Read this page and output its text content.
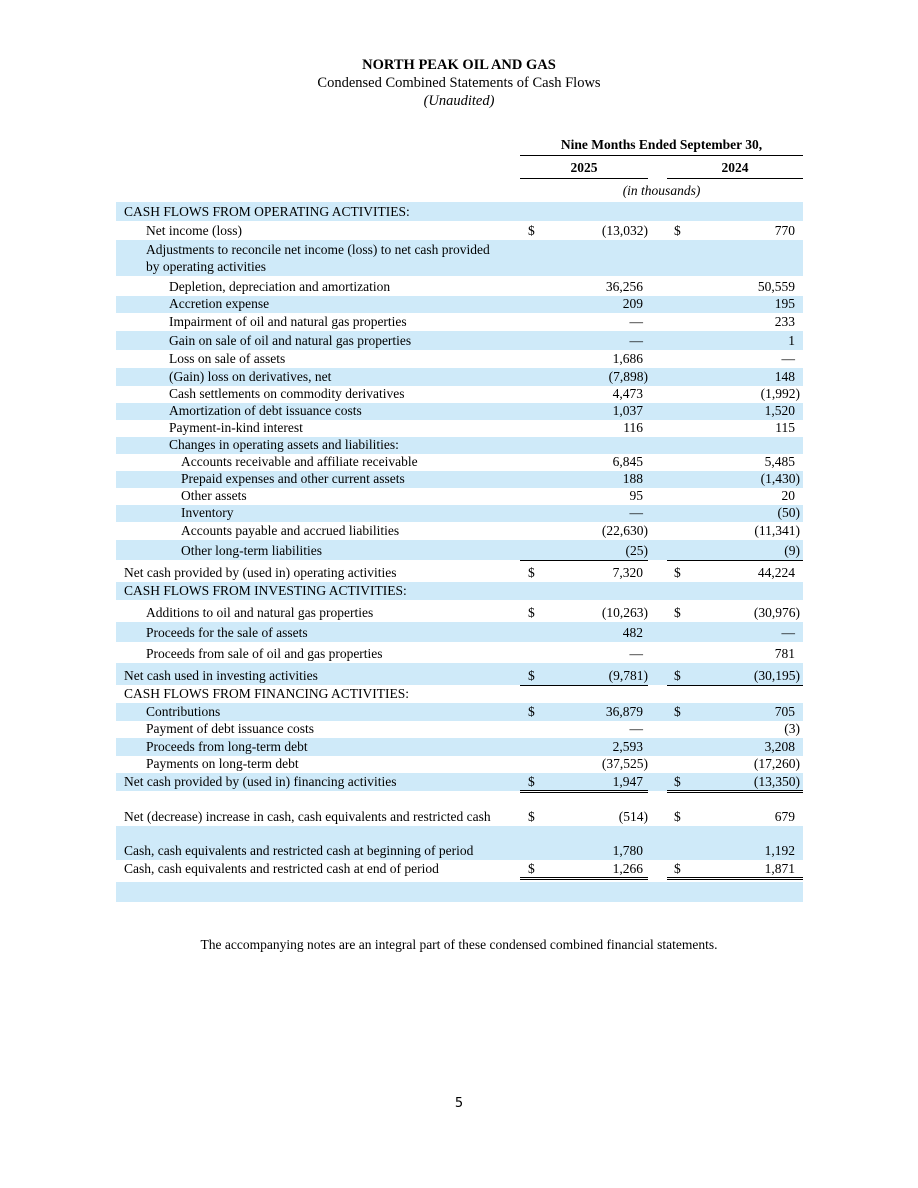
NORTH PEAK OIL AND GAS
Condensed Combined Statements of Cash Flows
(Unaudited)
Nine Months Ended September 30,
2025	2024
(in thousands)
CASH FLOWS FROM OPERATING ACTIVITIES:
Net income (loss)	$	(13,032) $	770
Adjustments to reconcile net income (loss) to net cash provided by operating activities
Depletion, depreciation and amortization	36,256	50,559
Accretion expense	209	195
Impairment of oil and natural gas properties	—	233
Gain on sale of oil and natural gas properties	—	1
Loss on sale of assets	1,686	—
(Gain) loss on derivatives, net	(7,898)	148
Cash settlements on commodity derivatives	4,473	(1,992)
Amortization of debt issuance costs	1,037	1,520
Payment-in-kind interest	116	115
Changes in operating assets and liabilities:
Accounts receivable and affiliate receivable	6,845	5,485
Prepaid expenses and other current assets	188	(1,430)
Other assets	95	20
Inventory	—	(50)
Accounts payable and accrued liabilities	(22,630)	(11,341)
Other long-term liabilities	(25)	(9)
Net cash provided by (used in) operating activities	$	7,320	$	44,224
CASH FLOWS FROM INVESTING ACTIVITIES:
Additions to oil and natural gas properties	$	(10,263) $	(30,976)
Proceeds for the sale of assets	482	—
Proceeds from sale of oil and gas properties	—	781
Net cash used in investing activities	$	(9,781) $	(30,195)
CASH FLOWS FROM FINANCING ACTIVITIES:
Contributions	$	36,879	$	705
Payment of debt issuance costs	—	(3)
Proceeds from long-term debt	2,593	3,208
Payments on long-term debt	(37,525)	(17,260)
Net cash provided by (used in) financing activities	$	1,947	$	(13,350)
Net (decrease) increase in cash, cash equivalents and restricted cash	$	(514) $	679
Cash, cash equivalents and restricted cash at beginning of period	1,780	1,192
Cash, cash equivalents and restricted cash at end of period	$	1,266	$	1,871
The accompanying notes are an integral part of these condensed combined financial statements.
5
